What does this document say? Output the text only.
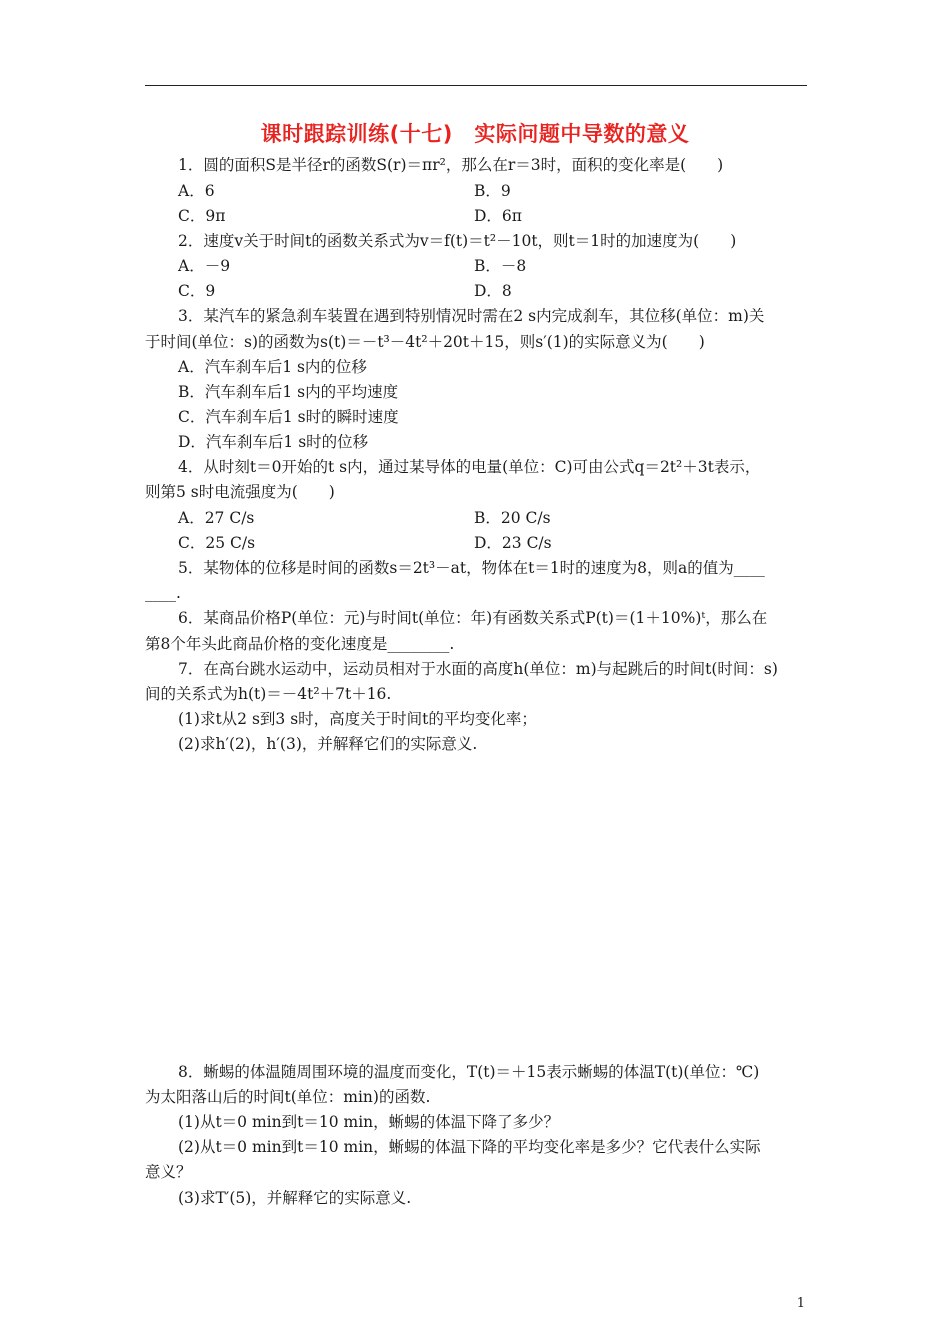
课时跟踪训练(十七)　实际问题中导数的意义
1．圆的面积S是半径r的函数S(r)＝πr²，那么在r＝3时，面积的变化率是(　　)
A．6	B．9
C．9π	D．6π
2．速度v关于时间t的函数关系式为v＝f(t)＝t²－10t，则t＝1时的加速度为(　　)
A．－9	B．－8
C．9	D．8
3．某汽车的紧急刹车装置在遇到特别情况时需在2 s内完成刹车，其位移(单位：m)关
于时间(单位：s)的函数为s(t)＝－t³－4t²＋20t＋15，则s′(1)的实际意义为(　　)
A．汽车刹车后1 s内的位移
B．汽车刹车后1 s内的平均速度
C．汽车刹车后1 s时的瞬时速度
D．汽车刹车后1 s时的位移
4．从时刻t＝0开始的t s内，通过某导体的电量(单位：C)可由公式q＝2t²＋3t表示，
则第5 s时电流强度为(　　)
A．27 C/s	B．20 C/s
C．25 C/s	D．23 C/s
5．某物体的位移是时间的函数s＝2t³－at，物体在t＝1时的速度为8，则a的值为____
____.
6．某商品价格P(单位：元)与时间t(单位：年)有函数关系式P(t)＝(1＋10%)ᵗ，那么在
第8个年头此商品价格的变化速度是________.
7．在高台跳水运动中，运动员相对于水面的高度h(单位：m)与起跳后的时间t(时间：s)
间的关系式为h(t)＝－4t²＋7t＋16.
(1)求t从2 s到3 s时，高度关于时间t的平均变化率；
(2)求h′(2)，h′(3)，并解释它们的实际意义.
8．蜥蜴的体温随周围环境的温度而变化，T(t)＝＋15表示蜥蜴的体温T(t)(单位：℃)
为太阳落山后的时间t(单位：min)的函数.
(1)从t＝0 min到t＝10 min，蜥蜴的体温下降了多少？
(2)从t＝0 min到t＝10 min，蜥蜴的体温下降的平均变化率是多少？它代表什么实际
意义？
(3)求T′(5)，并解释它的实际意义.
1
